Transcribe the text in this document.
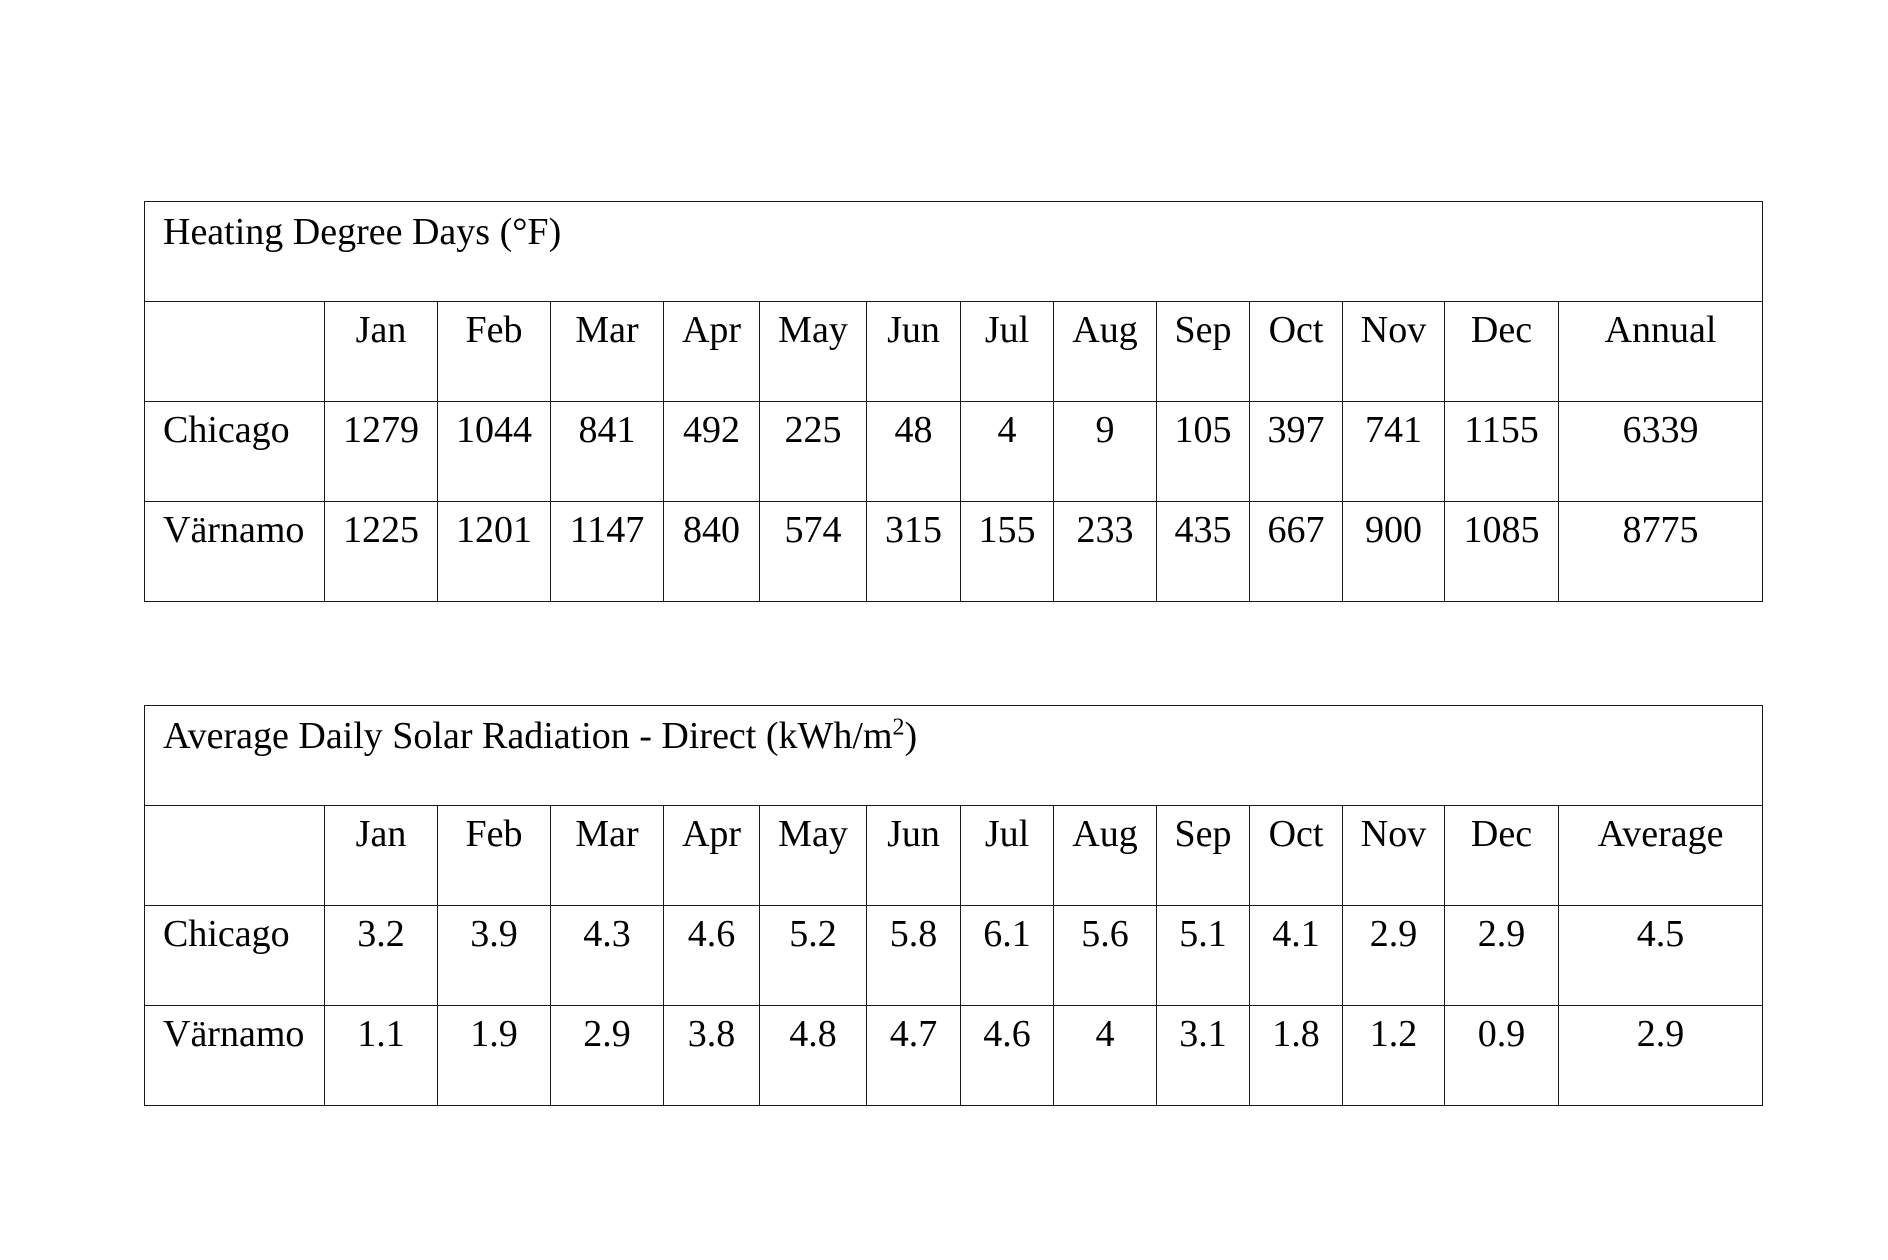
Heating Degree Days (°F)													
	Jan	Feb	Mar	Apr	May	Jun	Jul	Aug	Sep	Oct	Nov	Dec	Annual
Chicago	1279	1044	841	492	225	48	4	9	105	397	741	1155	6339
Värnamo	1225	1201	1147	840	574	315	155	233	435	667	900	1085	8775
Average Daily Solar Radiation - Direct $(kWh/m^2)$													
	Jan	Feb	Mar	Apr	May	Jun	Jul	Aug	Sep	Oct	Nov	Dec	Average
Chicago	3.2	3.9	4.3	4.6	5.2	5.8	6.1	5.6	5.1	4.1	2.9	2.9	4.5
Värnamo	1.1	1.9	2.9	3.8	4.8	4.7	4.6	4	3.1	1.8	1.2	0.9	2.9
